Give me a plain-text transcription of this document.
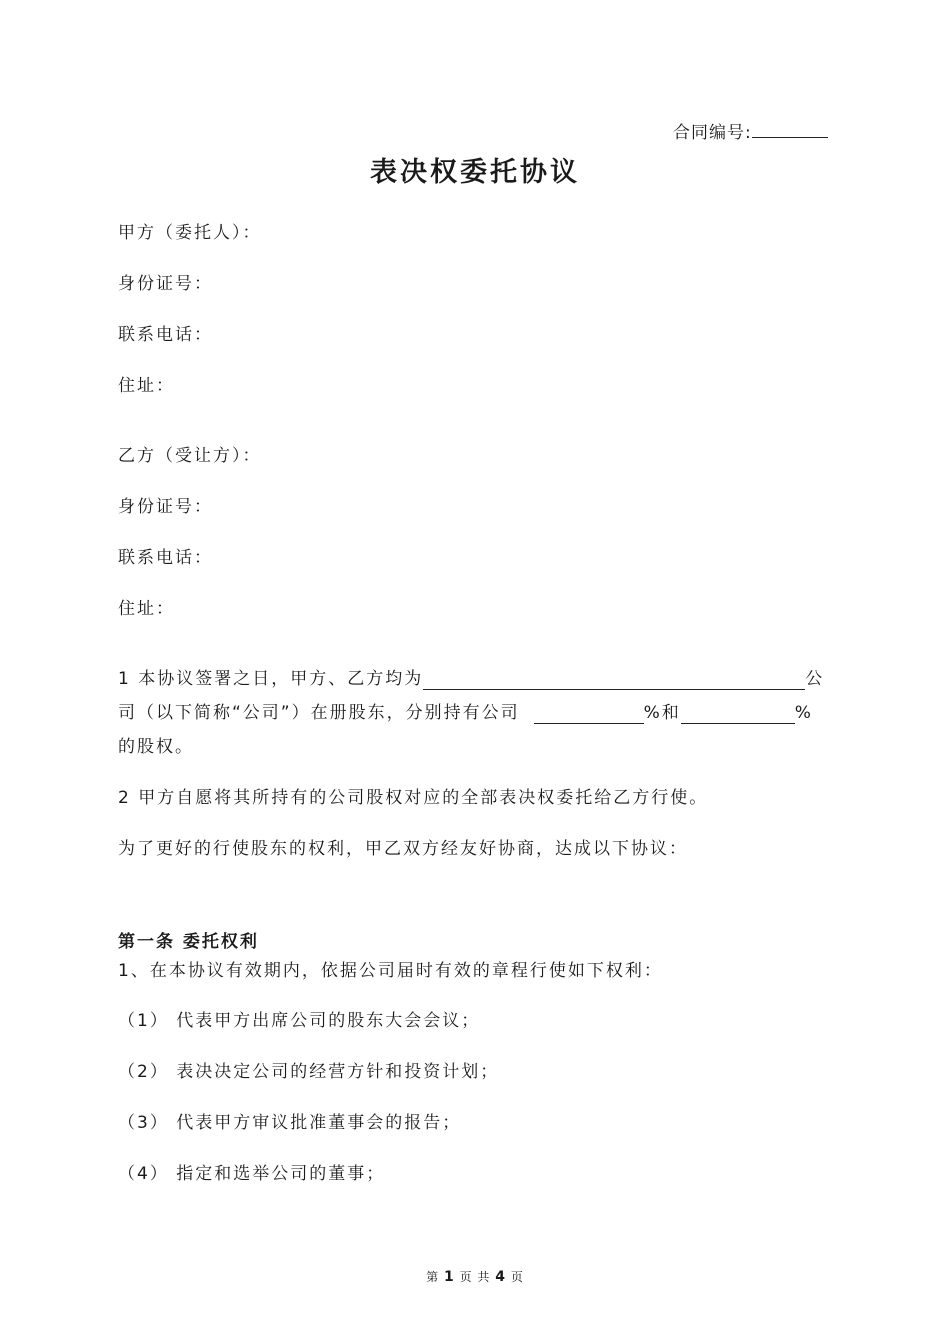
合同编号:
表决权委托协议
甲方（委托人）：
身份证号：
联系电话：
住址：
乙方（受让方）：
身份证号：
联系电话：
住址：
1 本协议签署之日，甲方、乙方均为	公
司（以下简称“公司”）在册股东，分别持有公司	%和	%
的股权。
2 甲方自愿将其所持有的公司股权对应的全部表决权委托给乙方行使。
为了更好的行使股东的权利，甲乙双方经友好协商，达成以下协议：
第一条 委托权利
1、在本协议有效期内，依据公司届时有效的章程行使如下权利：
（1） 代表甲方出席公司的股东大会会议；
（2） 表决决定公司的经营方针和投资计划；
（3） 代表甲方审议批准董事会的报告；
（4） 指定和选举公司的董事；
第 1 页 共 4 页
